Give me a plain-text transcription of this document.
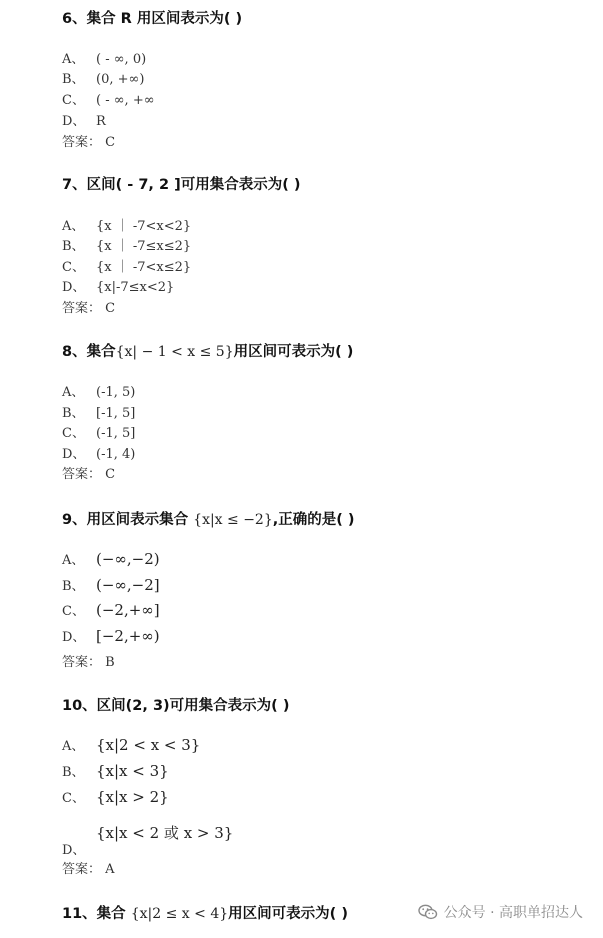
6、集合 R 用区间表示为( )
A、 ( - ∞, 0)
B、 (0, +∞)
C、 ( - ∞, +∞
D、 R
答案： C
7、区间( - 7, 2 ]可用集合表示为( )
A、 {x ｜ -7<x<2}
B、 {x ｜ -7≤x≤2}
C、 {x ｜ -7<x≤2}
D、 {x|-7≤x<2}
答案： C
8、集合{x| − 1 < x ≤ 5}用区间可表示为( )
A、 (-1, 5)
B、 [-1, 5]
C、 (-1, 5]
D、 (-1, 4)
答案： C
9、用区间表示集合 {x|x ≤ −2},正确的是( )
A、 (−∞,−2)
B、 (−∞,−2]
C、 (−2,+∞]
D、 [−2,+∞)
答案： B
10、区间(2, 3)可用集合表示为( )
A、 {x|2 < x < 3}
B、 {x|x < 3}
C、 {x|x > 2}
D、{x|x < 2 或 x > 3}
答案： A
11、集合 {x|2 ≤ x < 4}用区间可表示为( )	公众号 · 高职单招达人
